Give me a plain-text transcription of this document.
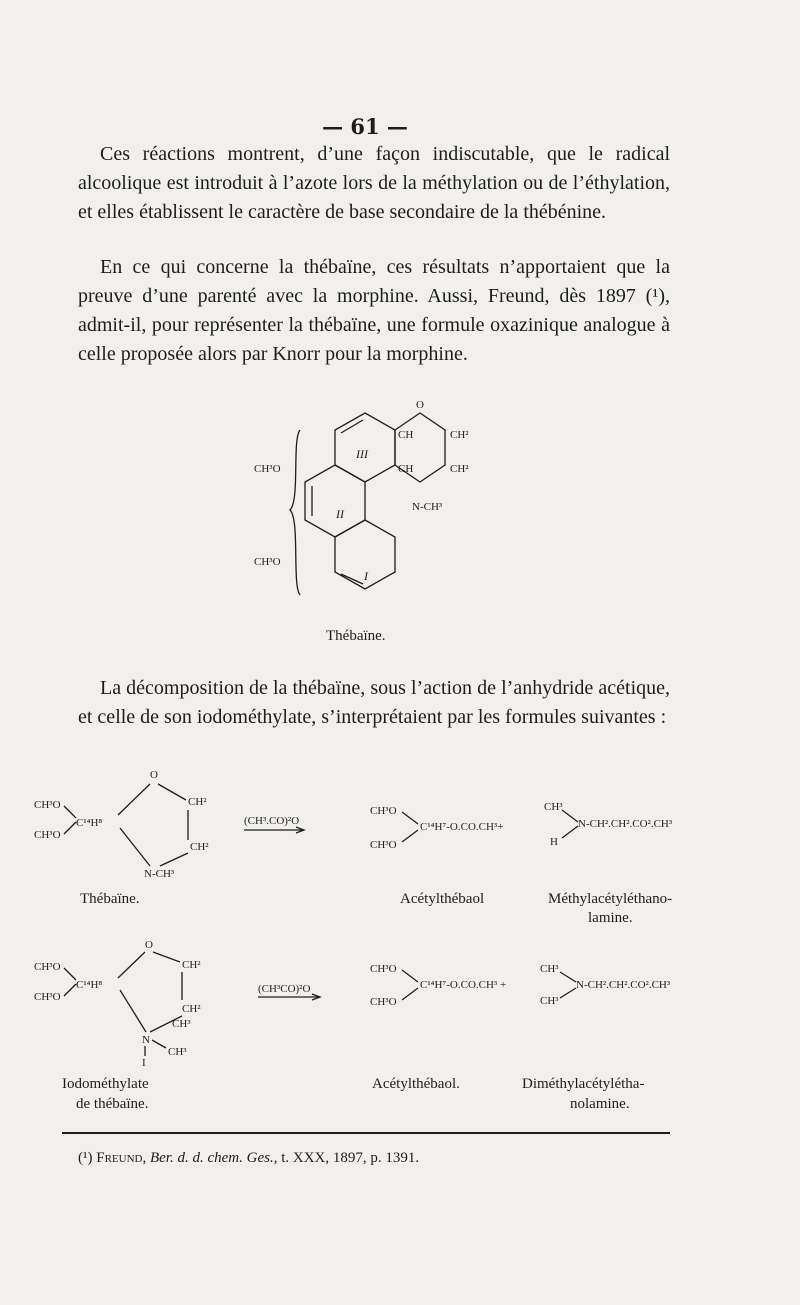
— 61 —

Ces réactions montrent, d’une façon indiscutable, que le radical alcoolique est introduit à l’azote lors de la méthylation ou de l’éthylation, et elles établissent le caractère de base secondaire de la thébénine.

En ce qui concerne la thébaïne, ces résultats n’apportaient que la preuve d’une parenté avec la morphine. Aussi, Freund, dès 1897 (¹), admit-il, pour représenter la thébaïne, une formule oxazinique analogue à celle proposée alors par Knorr pour la morphine.

O
CH	CH²
CH	CH²
N-CH³
III
II
I
CH³O
CH³O
Thébaïne.

La décomposition de la thébaïne, sous l’action de l’anhydride acétique, et celle de son iodométhylate, s’interprétaient par les formules suivantes :

CH³O
CH³O
C¹⁴H⁸
O
CH²
CH²
N-CH³
Thébaïne.
(CH³.CO)²O
CH³O
CH³O
C¹⁴H⁷-O.CO.CH³+
Acétylthébaol
CH³
H
N-CH².CH².CO².CH³
Méthylacétyléthano-
lamine.
CH³O
CH³O
C¹⁴H⁸
O
CH²
CH²
CH³
N
CH³
I
Iodométhylate
de thébaïne.
(CH³CO)²O
CH³O
CH³O
C¹⁴H⁷-O.CO.CH³ +
Acétylthébaol.
CH³
CH³
N-CH².CH².CO².CH³
Diméthylacétylétha-
nolamine.
(¹) Freund, Ber. d. d. chem. Ges., t. XXX, 1897, p. 1391.
